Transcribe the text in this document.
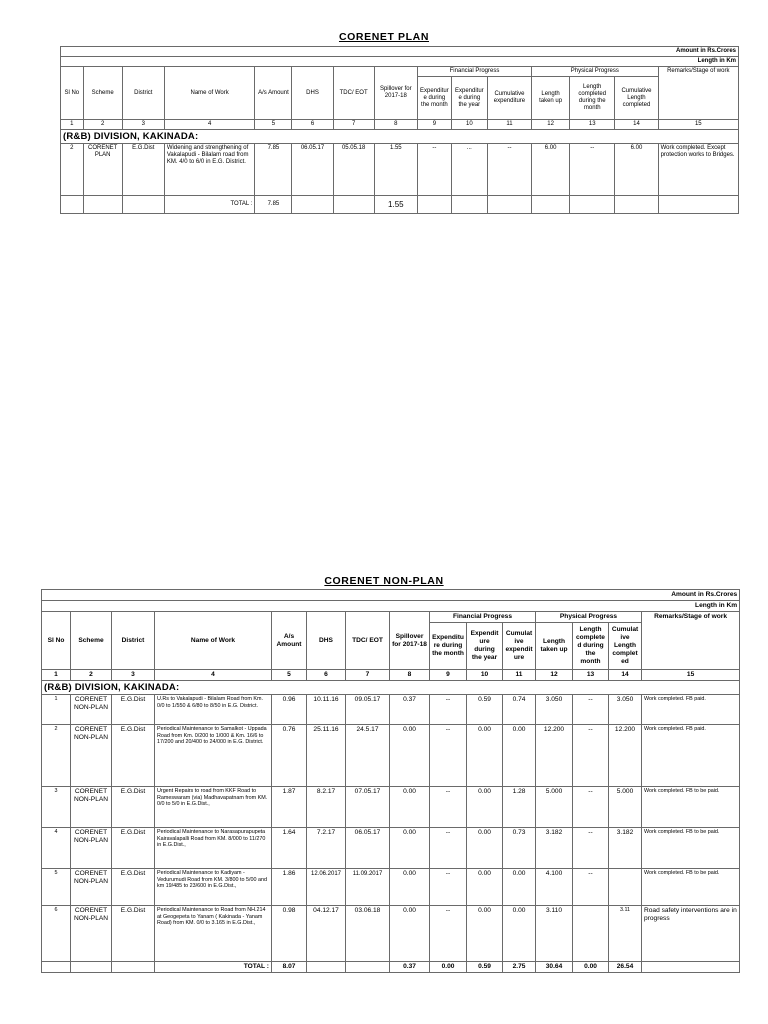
CORENET PLAN
Amount in Rs.Crores														
Length in Km														
Sl No	Scheme	District	Name of Work	A/s Amount	DHS	TDC/ EOT	Spillover for 2017-18	Financial Progress			Physical Progress			Remarks/Stage of work
								Expenditure during the month	Expenditure during the year	Cumulative expenditure	Length taken up	Length completed during the month	Cumulative Length completed	
1	2	3	4	5	6	7	8	9	10	11	12	13	14	15
(R&B) DIVISION, KAKINADA:														
2	CORENET PLAN	E.G.Dist	Widening and strengthening of Vakalapudi - Bilalam road from KM. 4/0 to 6/0 in E.G. District.	7.85	06.05.17	05.05.18	1.55	--	...	--	6.00	--	6.00	Work completed. Except protection works to Bridges.
			TOTAL :	7.85			1.55							
CORENET NON-PLAN
Amount in Rs.Crores														
Length in Km														
Sl No	Scheme	District	Name of Work	A/s Amount	DHS	TDC/ EOT	Spillover for 2017-18	Financial Progress			Physical Progress			Remarks/Stage of work
								Expenditure during the month	Expenditure during the year	Cumulative expenditure	Length taken up	Length completed during the month	Cumulative Length completed	
1	2	3	4	5	6	7	8	9	10	11	12	13	14	15
(R&B) DIVISION, KAKINADA:														
1	CORENET NON-PLAN	E.G.Dist	U.Rs to Vakalapudi - Bilalam Road from Km. 0/0 to 1/550 & 6/80 to 8/50 in E.G. District.	0.96	10.11.16	09.05.17	0.37	--	0.59	0.74	3.050	--	3.050	Work completed. FB paid.
2	CORENET NON-PLAN	E.G.Dist	Periodical Maintenance to Samalkot - Uppada Road from Km. 0/200 to 1/000 & Km. 16/6 to 17/200 and 20/400 to 24/000 in E.G. District.	0.76	25.11.16	24.5.17	0.00	--	0.00	0.00	12.200	--	12.200	Work completed. FB paid.
3	CORENET NON-PLAN	E.G.Dist	Urgent Repairs to road from KKF Road to Rameswaram (via) Madhavapatnam from KM. 0/0 to 5/0 in E.G.Dist.,	1.87	8.2.17	07.05.17	0.00	--	0.00	1.28	5.000	--	5.000	Work completed. FB to be paid.
4	CORENET NON-PLAN	E.G.Dist	Periodical Maintenance to Narasapurapupeta Kairavalapalli Road from KM. 8/000 to 11/270 in E.G.Dist.,	1.64	7.2.17	06.05.17	0.00	--	0.00	0.73	3.182	--	3.182	Work completed. FB to be paid.
5	CORENET NON-PLAN	E.G.Dist	Periodical Maintenance to Kadiyam - Vedurumudi Road from KM. 3/800 to 5/00 and km 19/485 to 23/600 in E.G.Dist.,	1.86	12.06.2017	11.09.2017	0.00	--	0.00	0.00	4.100	--		Work completed. FB to be paid.
6	CORENET NON-PLAN	E.G.Dist	Periodical Maintenance to Road from NH.214 at Geogepeta to Yanam ( Kakinada - Yanam Road) from KM. 0/0 to 3.165 in E.G.Dist.,	0.98	04.12.17	03.06.18	0.00	--	0.00	0.00	3.110		3.11	Road safety interventions are in progress
			TOTAL :	8.07			0.37	0.00	0.59	2.75	30.64	0.00	26.54	
